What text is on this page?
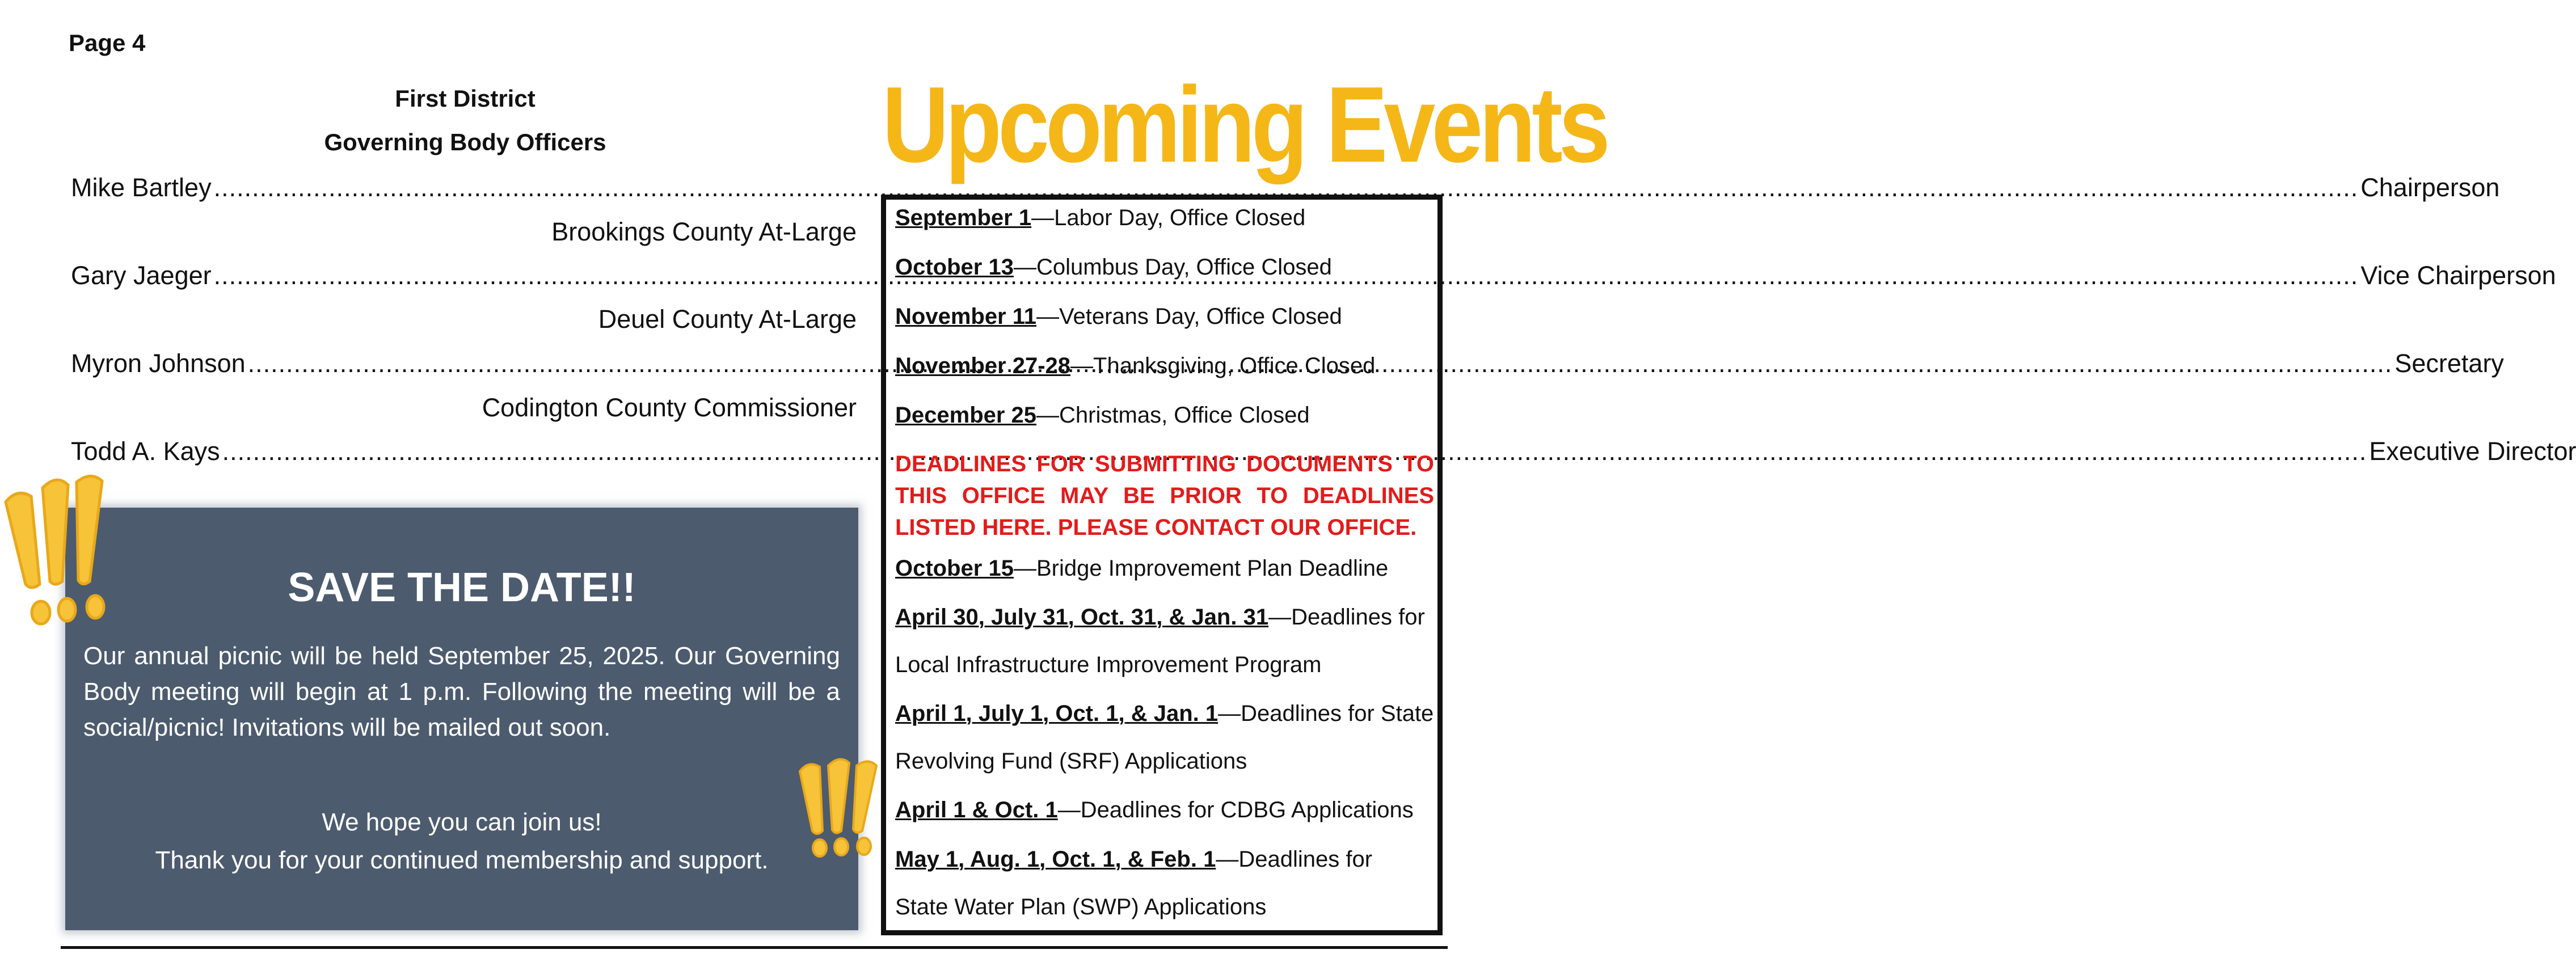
Page 4
First District
Governing Body Officers
Mike Bartley .....	Chairperson
Brookings County At-Large
Gary Jaeger .....	Vice Chairperson
Deuel County At-Large
Myron Johnson .....	Secretary
Codington County Commissioner
Todd A. Kays .....	Executive Director
SAVE THE DATE!!
Our annual picnic will be held September 25, 2025. Our Governing Body meeting will begin at 1 p.m. Following the meeting will be a social/picnic! Invitations will be mailed out soon.
We hope you can join us!
Thank you for your continued membership and support.
Upcoming Events
September 1—Labor Day, Office Closed
October 13—Columbus Day, Office Closed
November 11—Veterans Day, Office Closed
November 27-28—Thanksgiving, Office Closed
December 25—Christmas, Office Closed
DEADLINES FOR SUBMITTING DOCUMENTS TO THIS OFFICE MAY BE PRIOR TO DEADLINES LISTED HERE. PLEASE CONTACT OUR OFFICE.
October 15—Bridge Improvement Plan Deadline
April 30, July 31, Oct. 31, & Jan. 31—Deadlines for
Local Infrastructure Improvement Program
April 1, July 1, Oct. 1, & Jan. 1—Deadlines for State
Revolving Fund (SRF) Applications
April 1 & Oct. 1—Deadlines for CDBG Applications
May 1, Aug. 1, Oct. 1, & Feb. 1—Deadlines for
State Water Plan (SWP) Applications
